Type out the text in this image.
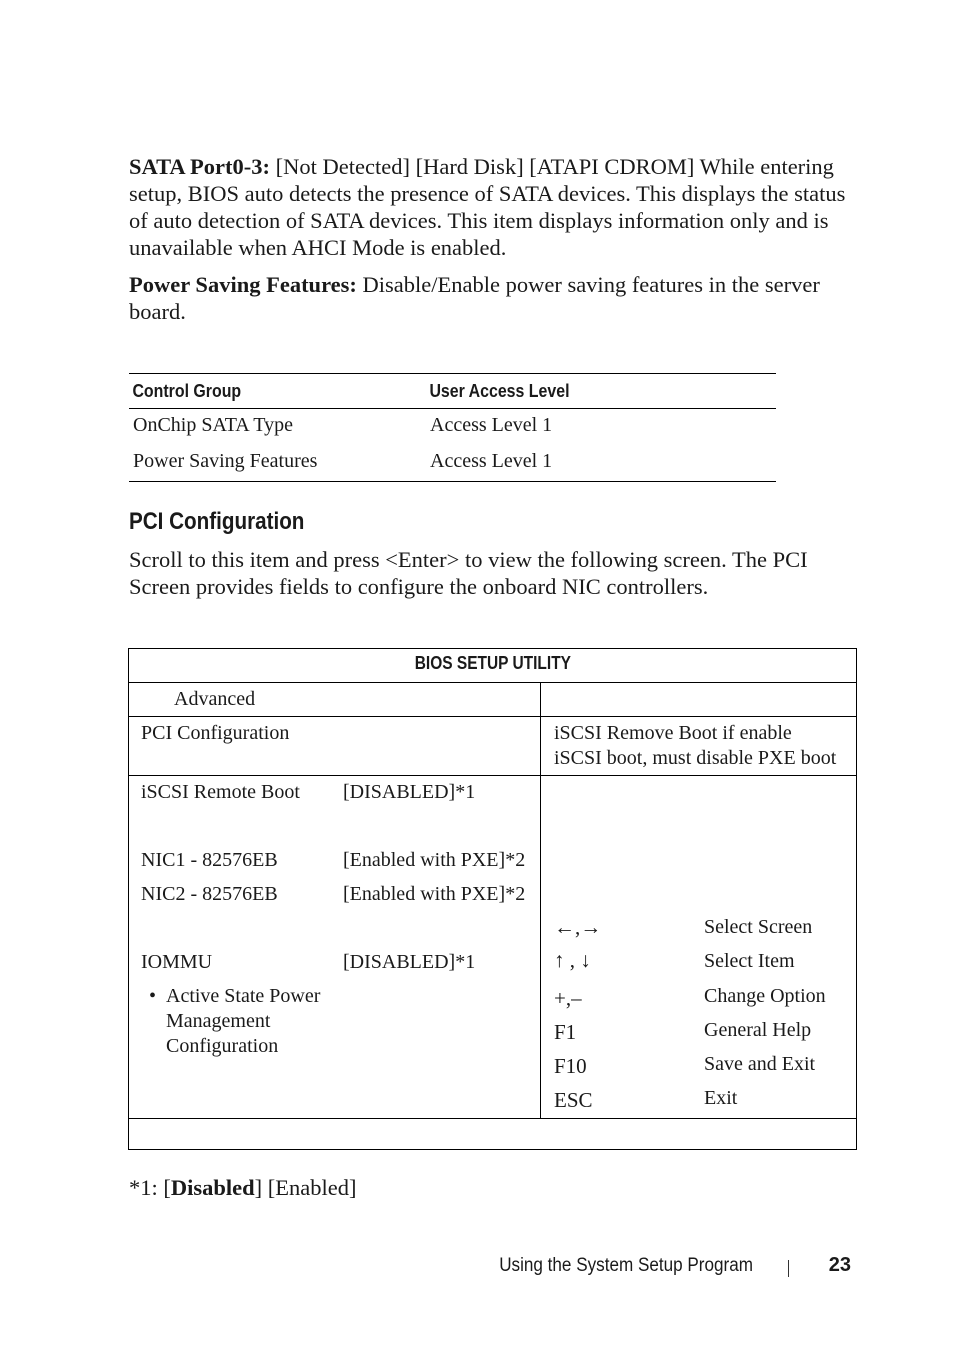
SATA Port0-3: [Not Detected] [Hard Disk] [ATAPI CDROM] While entering setup, BIOS auto detects the presence of SATA devices. This displays the status of auto detection of SATA devices. This item displays information only and is unavailable when AHCI Mode is enabled.

Power Saving Features: Disable/Enable power saving features in the server board.

Control Group	User Access Level
OnChip SATA Type	Access Level 1
Power Saving Features	Access Level 1
PCI Configuration

Scroll to this item and press <Enter> to view the following screen. The PCI Screen provides fields to configure the onboard NIC controllers.

BIOS SETUP UTILITY
Advanced
PCI Configuration	iSCSI Remove Boot if enable
iSCSI boot, must disable PXE boot
iSCSI Remote Boot [DISABLED]*1
NIC1 - 82576EB	[Enabled with PXE]*2
NIC2 - 82576EB	[Enabled with PXE]*2
IOMMU	[DISABLED]*1
• Active State Power
Management
Configuration
←,→	Select Screen
↑ , ↓	Select Item
+,–	Change Option
F1	General Help
F10	Save and Exit
ESC	Exit
*1: [Disabled] [Enabled]
Using the System Setup Program	23
